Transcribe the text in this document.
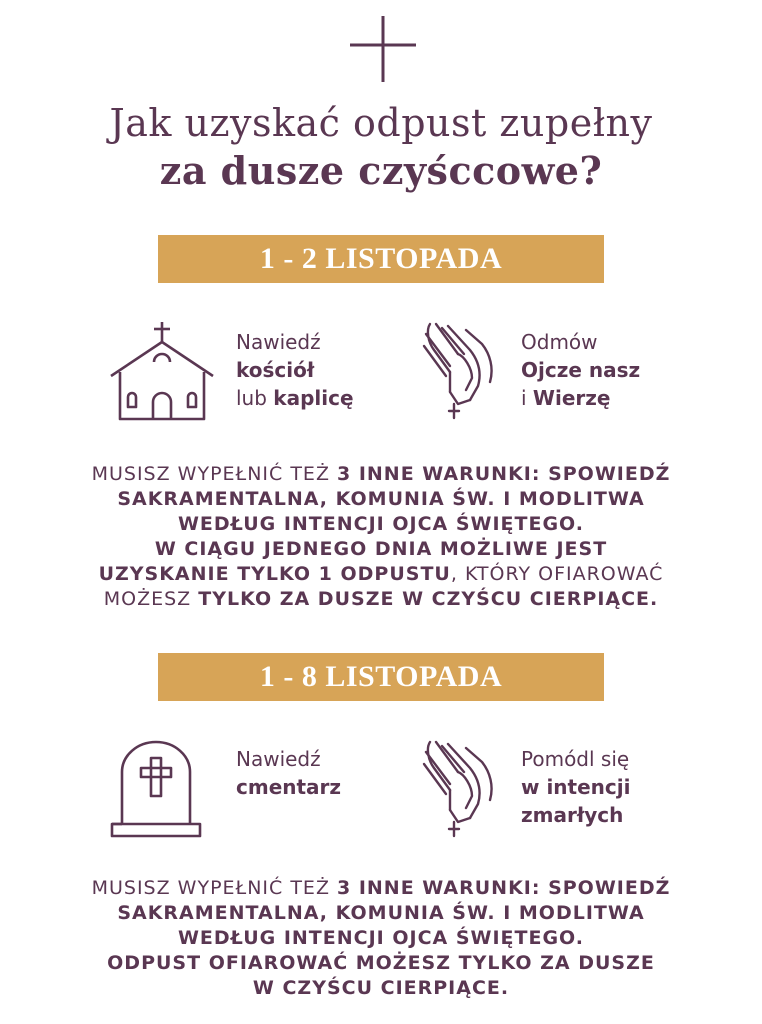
Jak uzyskać odpust zupełny
za dusze czyśccowe?
1 - 2 LISTOPADA
Nawiedź
kościół
lub kaplicę
Odmów
Ojcze nasz
i Wierzę
MUSISZ WYPEŁNIĆ TEŻ 3 INNE WARUNKI: SPOWIEDŹ
SAKRAMENTALNA, KOMUNIA ŚW. I MODLITWA
WEDŁUG INTENCJI OJCA ŚWIĘTEGO.
W CIĄGU JEDNEGO DNIA MOŻLIWE JEST
UZYSKANIE TYLKO 1 ODPUSTU, KTÓRY OFIAROWAĆ
MOŻESZ TYLKO ZA DUSZE W CZYŚCU CIERPIĄCE.
1 - 8 LISTOPADA
Nawiedź
cmentarz
Pomódl się
w intencji
zmarłych
MUSISZ WYPEŁNIĆ TEŻ 3 INNE WARUNKI: SPOWIEDŹ
SAKRAMENTALNA, KOMUNIA ŚW. I MODLITWA
WEDŁUG INTENCJI OJCA ŚWIĘTEGO.
ODPUST OFIAROWAĆ MOŻESZ TYLKO ZA DUSZE
W CZYŚCU CIERPIĄCE.
